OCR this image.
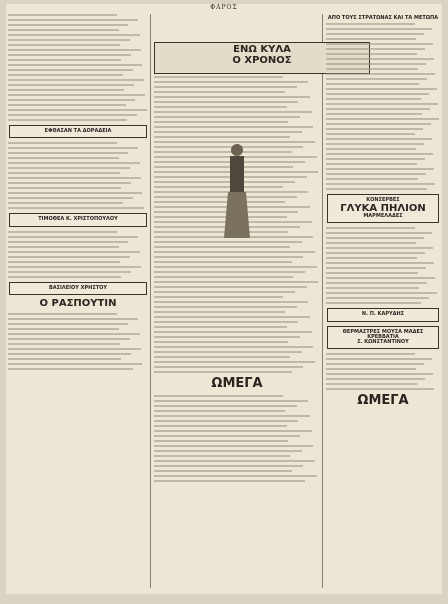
ΦΑΡΟΣ
ΕΝΩ ΚΥΛΑ
Ο ΧΡΟΝΟΣ
ΕΦΘΑΣΑΝ ΤΑ ΔΟΡΑΔΕΙΑ
ΤΙΜΟΘΕΑ Κ. ΧΡΙΣΤΟΠΟΥΛΟΥ
ΒΑΣΙΛΕΙΟΥ ΧΡΗΣΤΟΥ
Ο ΡΑΣΠΟΥΤΙΝ
ΩΜΕΓΑ
ΑΠΟ ΤΟΥΣ ΣΤΡΑΤΩΝΑΣ ΚΑΙ ΤΑ ΜΕΤΩΠΑ
ΚΟΝΣΕΡΒΕΣ
ΓΛΥΚΑ ΠΗΛΙΟΝ
ΜΑΡΜΕΛΑΔΕΣ
Ν. Π. ΚΑΡΥΔΗΣ
ΘΕΡΜΑΣΤΡΕΣ ΜΟΥΣΑ ΜΑΔΕΣ ΚΡΕΒΒΑΤΙΑ
Σ. ΚΩΝΣΤΑΝΤΙΝΟΥ
ΩΜΕΓΑ
